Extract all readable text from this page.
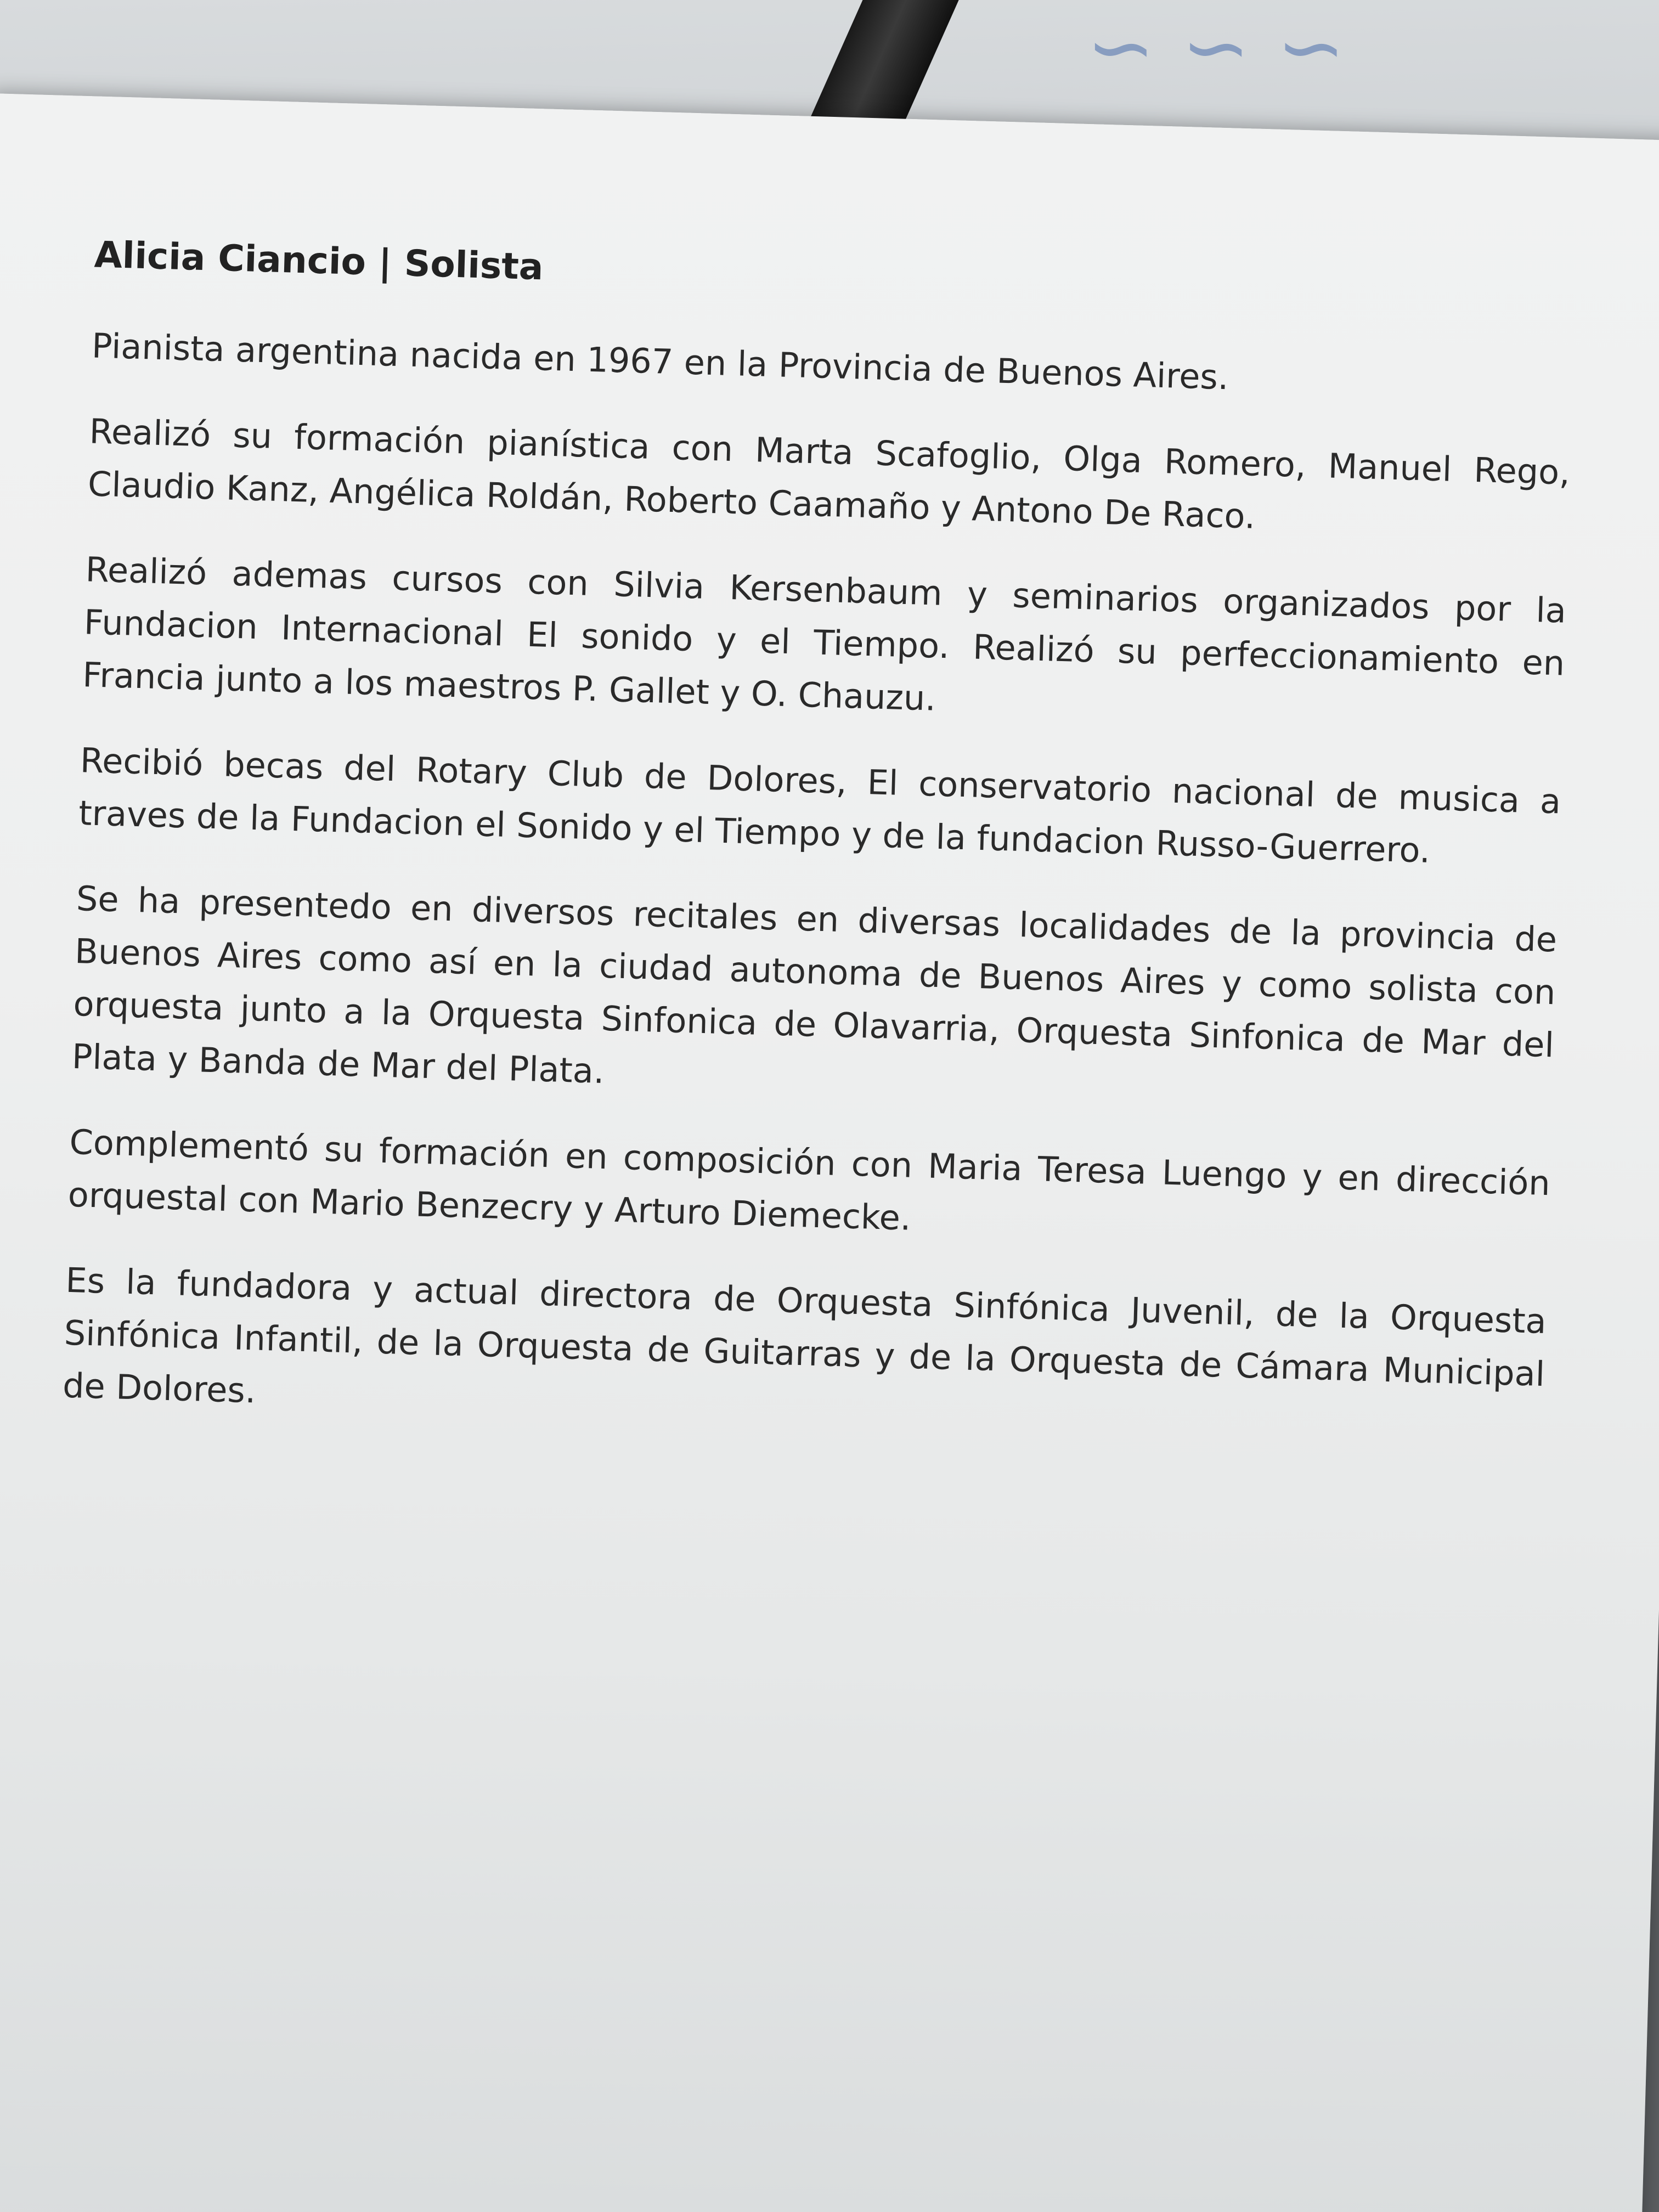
∽ ∽ ∽
Alicia Ciancio | Solista

Pianista argentina nacida en 1967 en la Provincia de Buenos Aires.

Realizó su formación pianística con Marta Scafoglio, Olga Romero, Manuel Rego, Claudio Kanz, Angélica Roldán, Roberto Caamaño y Antono De Raco.

Realizó ademas cursos con Silvia Kersenbaum y seminarios organizados por la Fundacion Internacional El sonido y el Tiempo. Realizó su perfeccionamiento en Francia junto a los maestros P. Gallet y O. Chauzu.

Recibió becas del Rotary Club de Dolores, El conservatorio nacional de musica a traves de la Fundacion el Sonido y el Tiempo y de la fundacion Russo-Guerrero.

Se ha presentedo en diversos recitales en diversas localidades de la provincia de Buenos Aires como así en la ciudad autonoma de Buenos Aires y como solista con orquesta junto a la Orquesta Sinfonica de Olavarria, Orquesta Sinfonica de Mar del Plata y Banda de Mar del Plata.

Complementó su formación en composición con Maria Teresa Luengo y en dirección orquestal con Mario Benzecry y Arturo Diemecke.

Es la fundadora y actual directora de Orquesta Sinfónica Juvenil, de la Orquesta Sinfónica Infantil, de la Orquesta de Guitarras y de la Orquesta de Cámara Municipal de Dolores.
